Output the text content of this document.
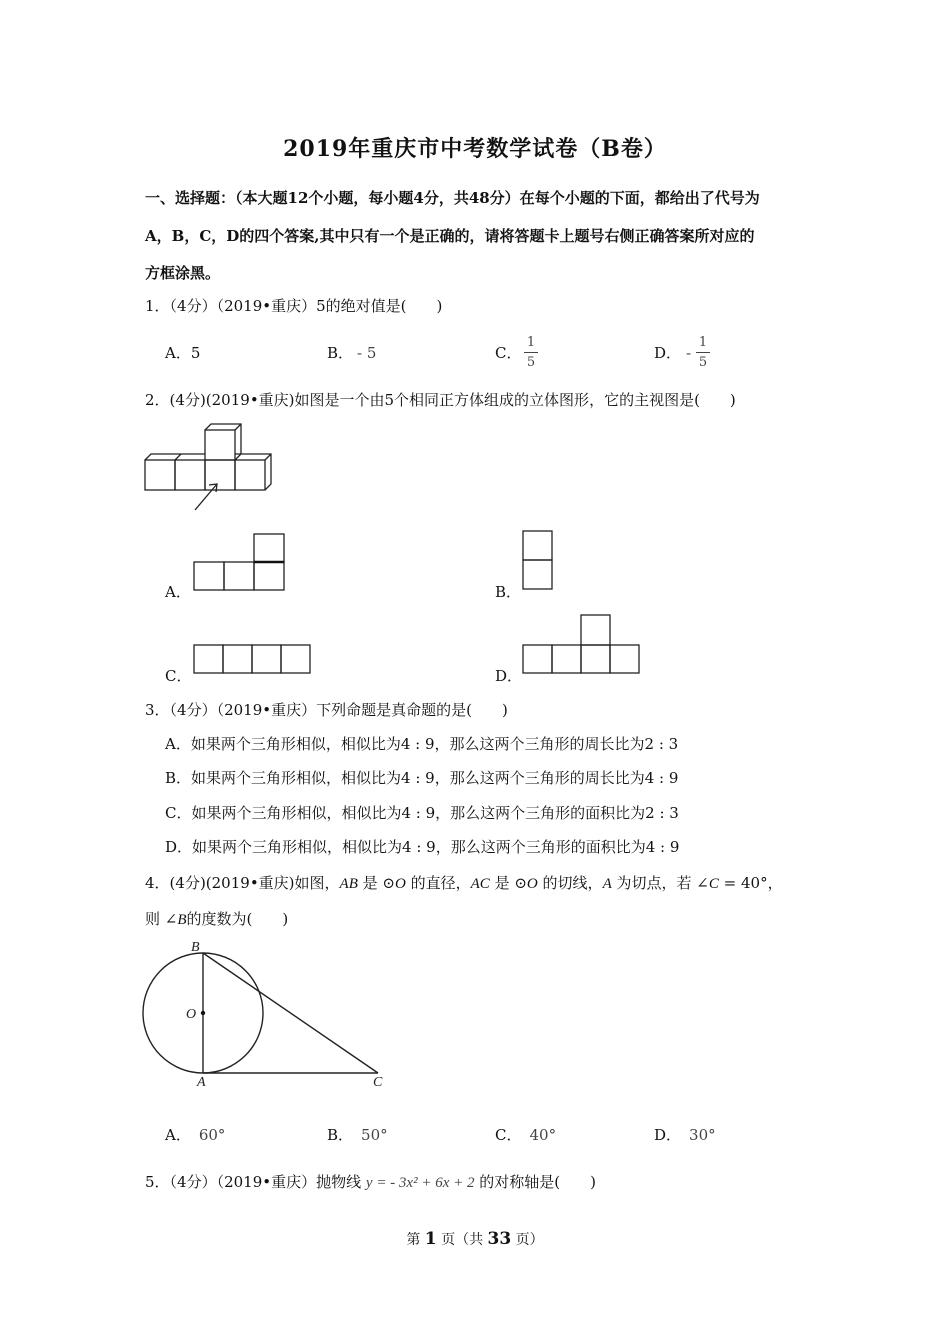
2019年重庆市中考数学试卷（B卷）
一、选择题：（本大题12个小题，每小题4分，共48分）在每个小题的下面，都给出了代号为
A，B，C，D的四个答案,其中只有一个是正确的，请将答题卡上题号右侧正确答案所对应的
方框涂黑。
1．（4分）（2019•重庆）5的绝对值是(　　)
A．5	B． - 5	C．
1
5
D． -
1
5
2．(4分)(2019•重庆)如图是一个由5个相同正方体组成的立体图形，它的主视图是(　　)
A．	B．
C．	D．
3．（4分）（2019•重庆）下列命题是真命题的是(　　)
A．如果两个三角形相似，相似比为4 : 9，那么这两个三角形的周长比为2 : 3
B．如果两个三角形相似，相似比为4 : 9，那么这两个三角形的周长比为4 : 9
C．如果两个三角形相似，相似比为4 : 9，那么这两个三角形的面积比为2 : 3
D．如果两个三角形相似，相似比为4 : 9，那么这两个三角形的面积比为4 : 9
4．(4分)(2019•重庆)如图，AB 是 ⊙O 的直径，AC 是 ⊙O 的切线，A 为切点，若 ∠C = 40°，
则 ∠B的度数为(　　)
B
O
A	C
A． 60°	B． 50°	C． 40°	D． 30°
5．（4分）（2019•重庆）抛物线 y = - 3x² + 6x + 2 的对称轴是(　　)
第 1 页（共 33 页）
